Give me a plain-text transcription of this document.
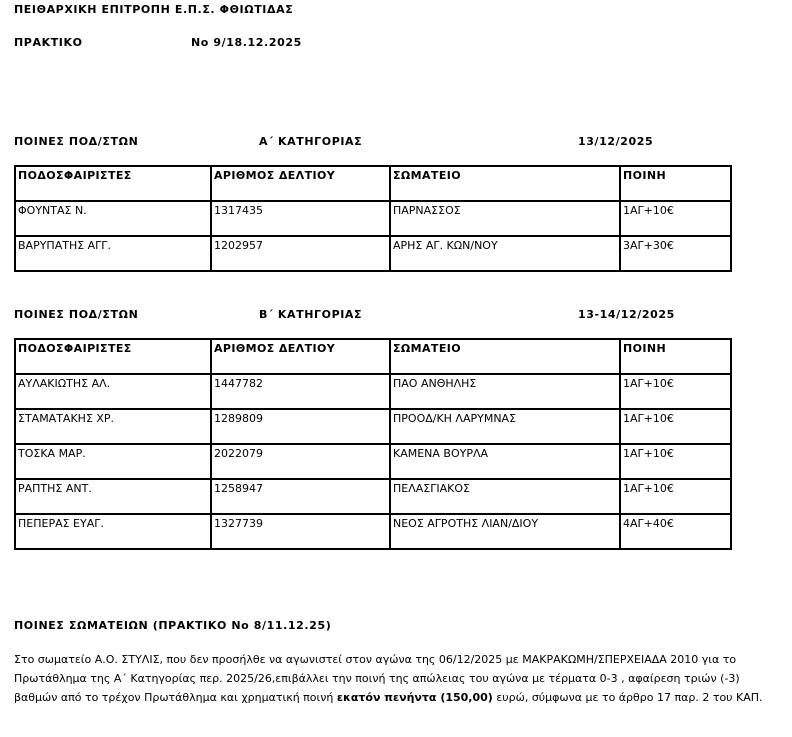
ΠΕΙΘΑΡΧΙΚΗ ΕΠΙΤΡΟΠΗ Ε.Π.Σ. ΦΘΙΩΤΙΔΑΣ
ΠΡΑΚΤΙΚΟ	Νο 9/18.12.2025
ΠΟΙΝΕΣ ΠΟΔ/ΣΤΩΝ	Α΄ ΚΑΤΗΓΟΡΙΑΣ	13/12/2025
ΠΟΔΟΣΦΑΙΡΙΣΤΕΣ	ΑΡΙΘΜΟΣ ΔΕΛΤΙΟΥ	ΣΩΜΑΤΕΙΟ	ΠΟΙΝΗ
ΦΟΥΝΤΑΣ Ν.	1317435	ΠΑΡΝΑΣΣΟΣ	1ΑΓ+10€
ΒΑΡΥΠΑΤΗΣ ΑΓΓ.	1202957	ΑΡΗΣ ΑΓ. ΚΩΝ/ΝΟΥ	3ΑΓ+30€
ΠΟΙΝΕΣ ΠΟΔ/ΣΤΩΝ	Β΄ ΚΑΤΗΓΟΡΙΑΣ	13-14/12/2025
ΠΟΔΟΣΦΑΙΡΙΣΤΕΣ	ΑΡΙΘΜΟΣ ΔΕΛΤΙΟΥ	ΣΩΜΑΤΕΙΟ	ΠΟΙΝΗ
ΑΥΛΑΚΙΩΤΗΣ ΑΛ.	1447782	ΠΑΟ ΑΝΘΗΛΗΣ	1ΑΓ+10€
ΣΤΑΜΑΤΑΚΗΣ ΧΡ.	1289809	ΠΡΟΟΔ/ΚΗ ΛΑΡΥΜΝΑΣ	1ΑΓ+10€
ΤΟΣΚΑ ΜΑΡ.	2022079	ΚΑΜΕΝΑ ΒΟΥΡΛΑ	1ΑΓ+10€
ΡΑΠΤΗΣ ΑΝΤ.	1258947	ΠΕΛΑΣΓΙΑΚΟΣ	1ΑΓ+10€
ΠΕΠΕΡΑΣ ΕΥΑΓ.	1327739	ΝΕΟΣ ΑΓΡΟΤΗΣ ΛΙΑΝ/ΔΙΟΥ	4ΑΓ+40€
ΠΟΙΝΕΣ ΣΩΜΑΤΕΙΩΝ (ΠΡΑΚΤΙΚΟ Νο 8/11.12.25)
Στο σωματείο Α.Ο. ΣΤΥΛΙΣ, που δεν προσήλθε να αγωνιστεί στον αγώνα της 06/12/2025 με ΜΑΚΡΑΚΩΜΗ/ΣΠΕΡΧΕΙΑΔΑ 2010 για το Πρωτάθλημα της Α΄ Κατηγορίας περ. 2025/26,επιβάλλει την ποινή της απώλειας του αγώνα με τέρματα 0-3 , αφαίρεση τριών (-3) βαθμών από το τρέχον Πρωτάθλημα και χρηματική ποινή εκατόν πενήντα (150,00) ευρώ, σύμφωνα με το άρθρο 17 παρ. 2 του ΚΑΠ.
